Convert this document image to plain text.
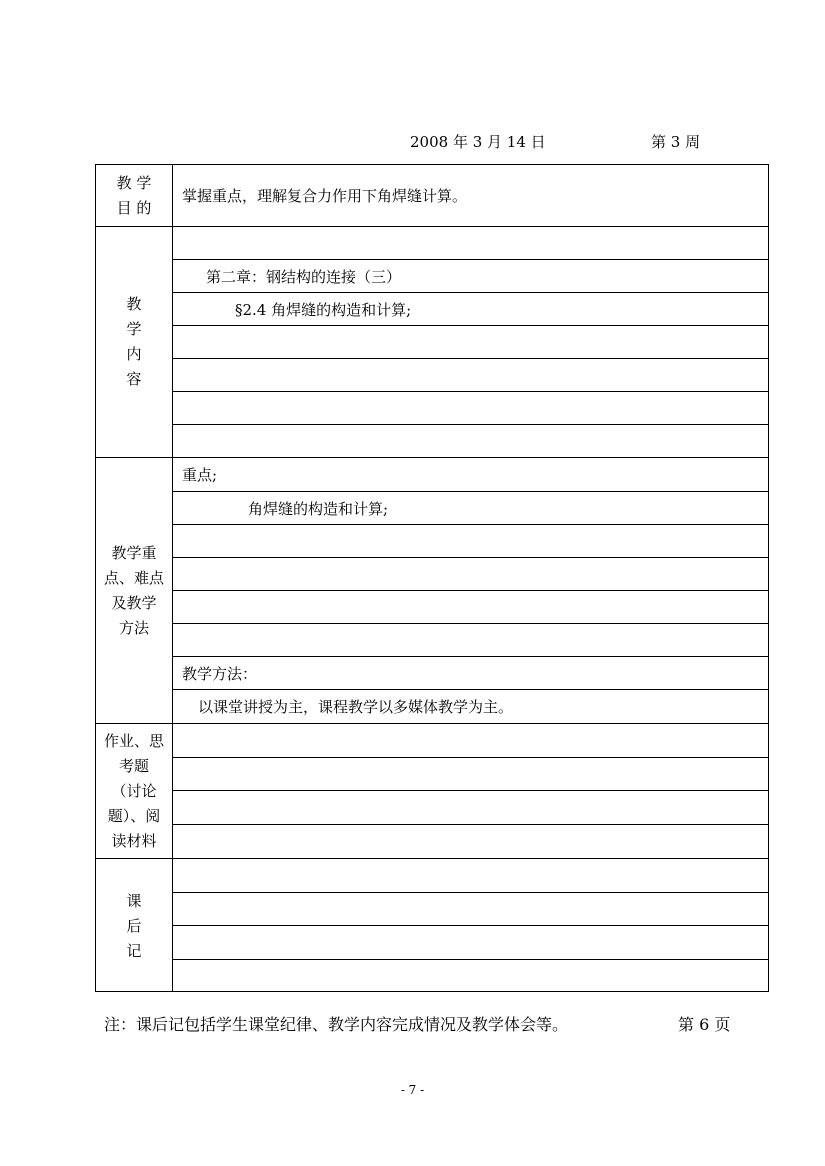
2008 年 3 月 14 日	第 3 周
教 学
目 的
教
学
内
容
教学重
点、难点
及教学
方法
作业、思
考题
（讨论
题）、阅
读材料
课
后
记
掌握重点，理解复合力作用下角焊缝计算。
第二章：钢结构的连接（三）
§2.4 角焊缝的构造和计算;
重点;
角焊缝的构造和计算;
教学方法：
以课堂讲授为主，课程教学以多媒体教学为主。
注：课后记包括学生课堂纪律、教学内容完成情况及教学体会等。	第 6 页
- 7 -
